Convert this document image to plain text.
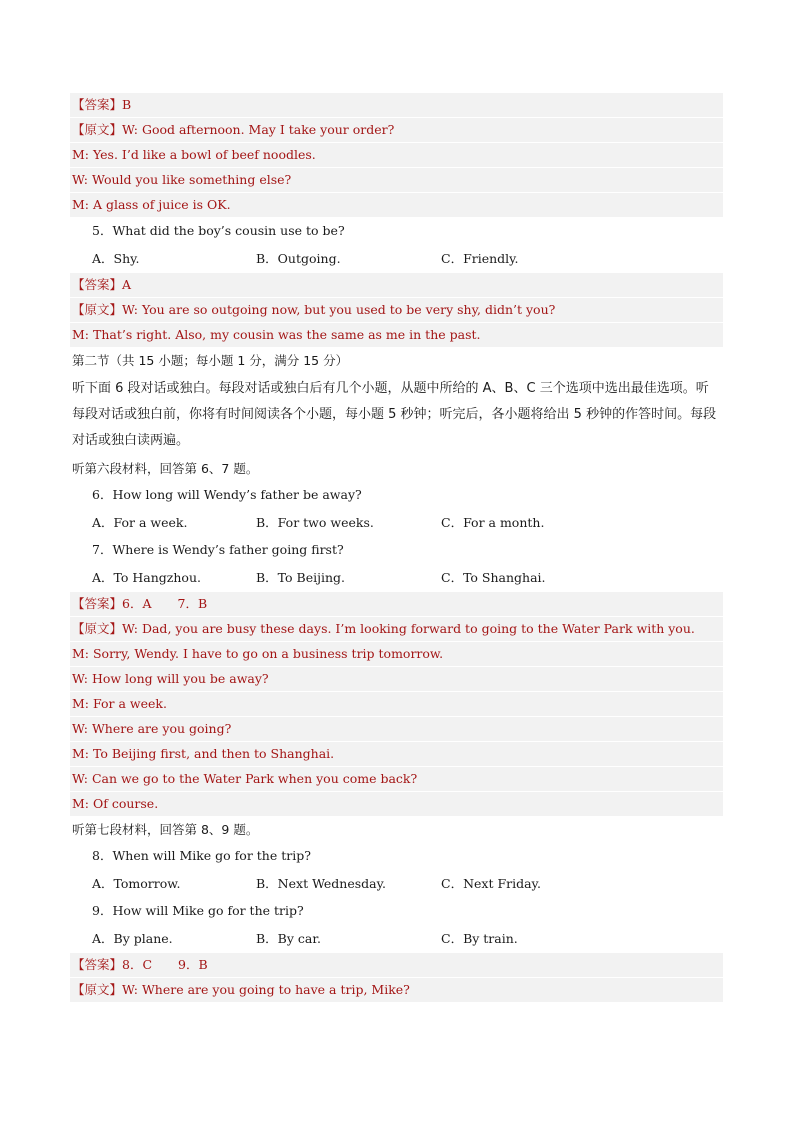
【答案】B
【原文】W: Good afternoon. May I take your order?
M: Yes. I’d like a bowl of beef noodles.
W: Would you like something else?
M: A glass of juice is OK.
5．What did the boy’s cousin use to be?
A．Shy.	B．Outgoing.	C．Friendly.
【答案】A
【原文】W: You are so outgoing now, but you used to be very shy, didn’t you?
M: That’s right. Also, my cousin was the same as me in the past.
第二节（共 15 小题；每小题 1 分，满分 15 分）
听下面 6 段对话或独白。每段对话或独白后有几个小题，从题中所给的 A、B、C 三个选项中选出最佳选项。听每段对话或独白前，你将有时间阅读各个小题，每小题 5 秒钟；听完后，各小题将给出 5 秒钟的作答时间。每段对话或独白读两遍。
听第六段材料，回答第 6、7 题。
6．How long will Wendy’s father be away?
A．For a week.	B．For two weeks.	C．For a month.
7．Where is Wendy’s father going first?
A．To Hangzhou.	B．To Beijing.	C．To Shanghai.
【答案】6．A 7．B
【原文】W: Dad, you are busy these days. I’m looking forward to going to the Water Park with you.
M: Sorry, Wendy. I have to go on a business trip tomorrow.
W: How long will you be away?
M: For a week.
W: Where are you going?
M: To Beijing first, and then to Shanghai.
W: Can we go to the Water Park when you come back?
M: Of course.
听第七段材料，回答第 8、9 题。
8．When will Mike go for the trip?
A．Tomorrow.	B．Next Wednesday.	C．Next Friday.
9．How will Mike go for the trip?
A．By plane.	B．By car.	C．By train.
【答案】8．C 9．B
【原文】W: Where are you going to have a trip, Mike?
